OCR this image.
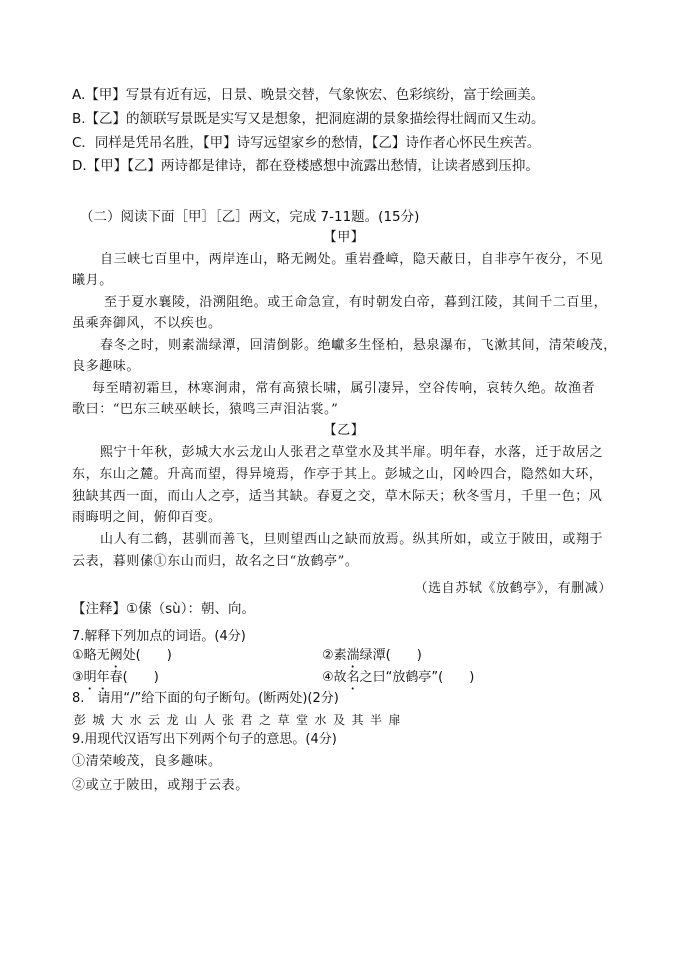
A.【甲】写景有近有远，日景、晚景交替，气象恢宏、色彩缤纷，富于绘画美。
B.【乙】的颔联写景既是实写又是想象，把洞庭湖的景象描绘得壮阔而又生动。
C．同样是凭吊名胜，【甲】诗写远望家乡的愁情，【乙】诗作者心怀民生疾苦。
D.【甲】【乙】两诗都是律诗，都在登楼感想中流露出愁情，让读者感到压抑。
（二）阅读下面［甲］［乙］两文，完成 7-11题。(15分)
【甲】
自三峡七百里中，两岸连山，略无阙处。重岩叠嶂，隐天蔽日，自非亭午夜分，不见
曦月。
至于夏水襄陵，沿溯阻绝。或王命急宣，有时朝发白帝，暮到江陵，其间千二百里，
虽乘奔御风，不以疾也。
春冬之时，则素湍绿潭，回清倒影。绝巘多生怪柏，悬泉瀑布，飞漱其间，清荣峻茂，
良多趣味。
每至晴初霜旦，林寒涧肃，常有高猿长啸，属引凄异，空谷传响，哀转久绝。故渔者
歌曰：“巴东三峡巫峡长，猿鸣三声泪沾裳。”
【乙】
熙宁十年秋，彭城大水云龙山人张君之草堂水及其半扉。明年春，水落，迁于故居之
东，东山之麓。升高而望，得异境焉，作亭于其上。彭城之山，冈岭四合，隐然如大环，
独缺其西一面，而山人之亭，适当其缺。春夏之交，草木际天；秋冬雪月，千里一色；风
雨晦明之间，俯仰百变。
山人有二鹤，甚驯而善飞，旦则望西山之缺而放焉。纵其所如，或立于陂田，或翔于
云表，暮则傃①东山而归，故名之曰“放鹤亭”。
（选自苏轼《放鹤亭》，有删减）
【注释】①傃（sù）：朝、向。
7.解释下列加点的词语。(4分)
①略无阙处(　　)	②素湍绿潭(　　)
③明年春(　　)	④故名之曰“放鹤亭”(　　)
8.　请用“/”给下面的句子断句。(断两处)(2分)
彭城大水云龙山人张君之草堂水及其半扉
9.用现代汉语写出下列两个句子的意思。(4分)
①清荣峻茂，良多趣味。
②或立于陂田，或翔于云表。
